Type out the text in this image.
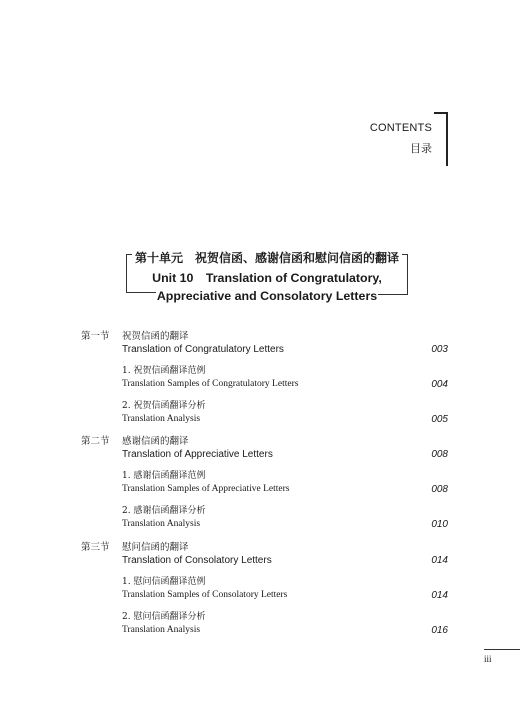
CONTENTS
目录
第十单元　祝贺信函、感谢信函和慰问信函的翻译
Unit 10　Translation of Congratulatory,
Appreciative and Consolatory Letters
第一节 祝贺信函的翻译
Translation of Congratulatory Letters	003
1. 祝贺信函翻译范例
Translation Samples of Congratulatory Letters	004
2. 祝贺信函翻译分析
Translation Analysis	005
第二节 感谢信函的翻译
Translation of Appreciative Letters	008
1. 感谢信函翻译范例
Translation Samples of Appreciative Letters	008
2. 感谢信函翻译分析
Translation Analysis	010
第三节 慰问信函的翻译
Translation of Consolatory Letters	014
1. 慰问信函翻译范例
Translation Samples of Consolatory Letters	014
2. 慰问信函翻译分析
Translation Analysis	016
iii
